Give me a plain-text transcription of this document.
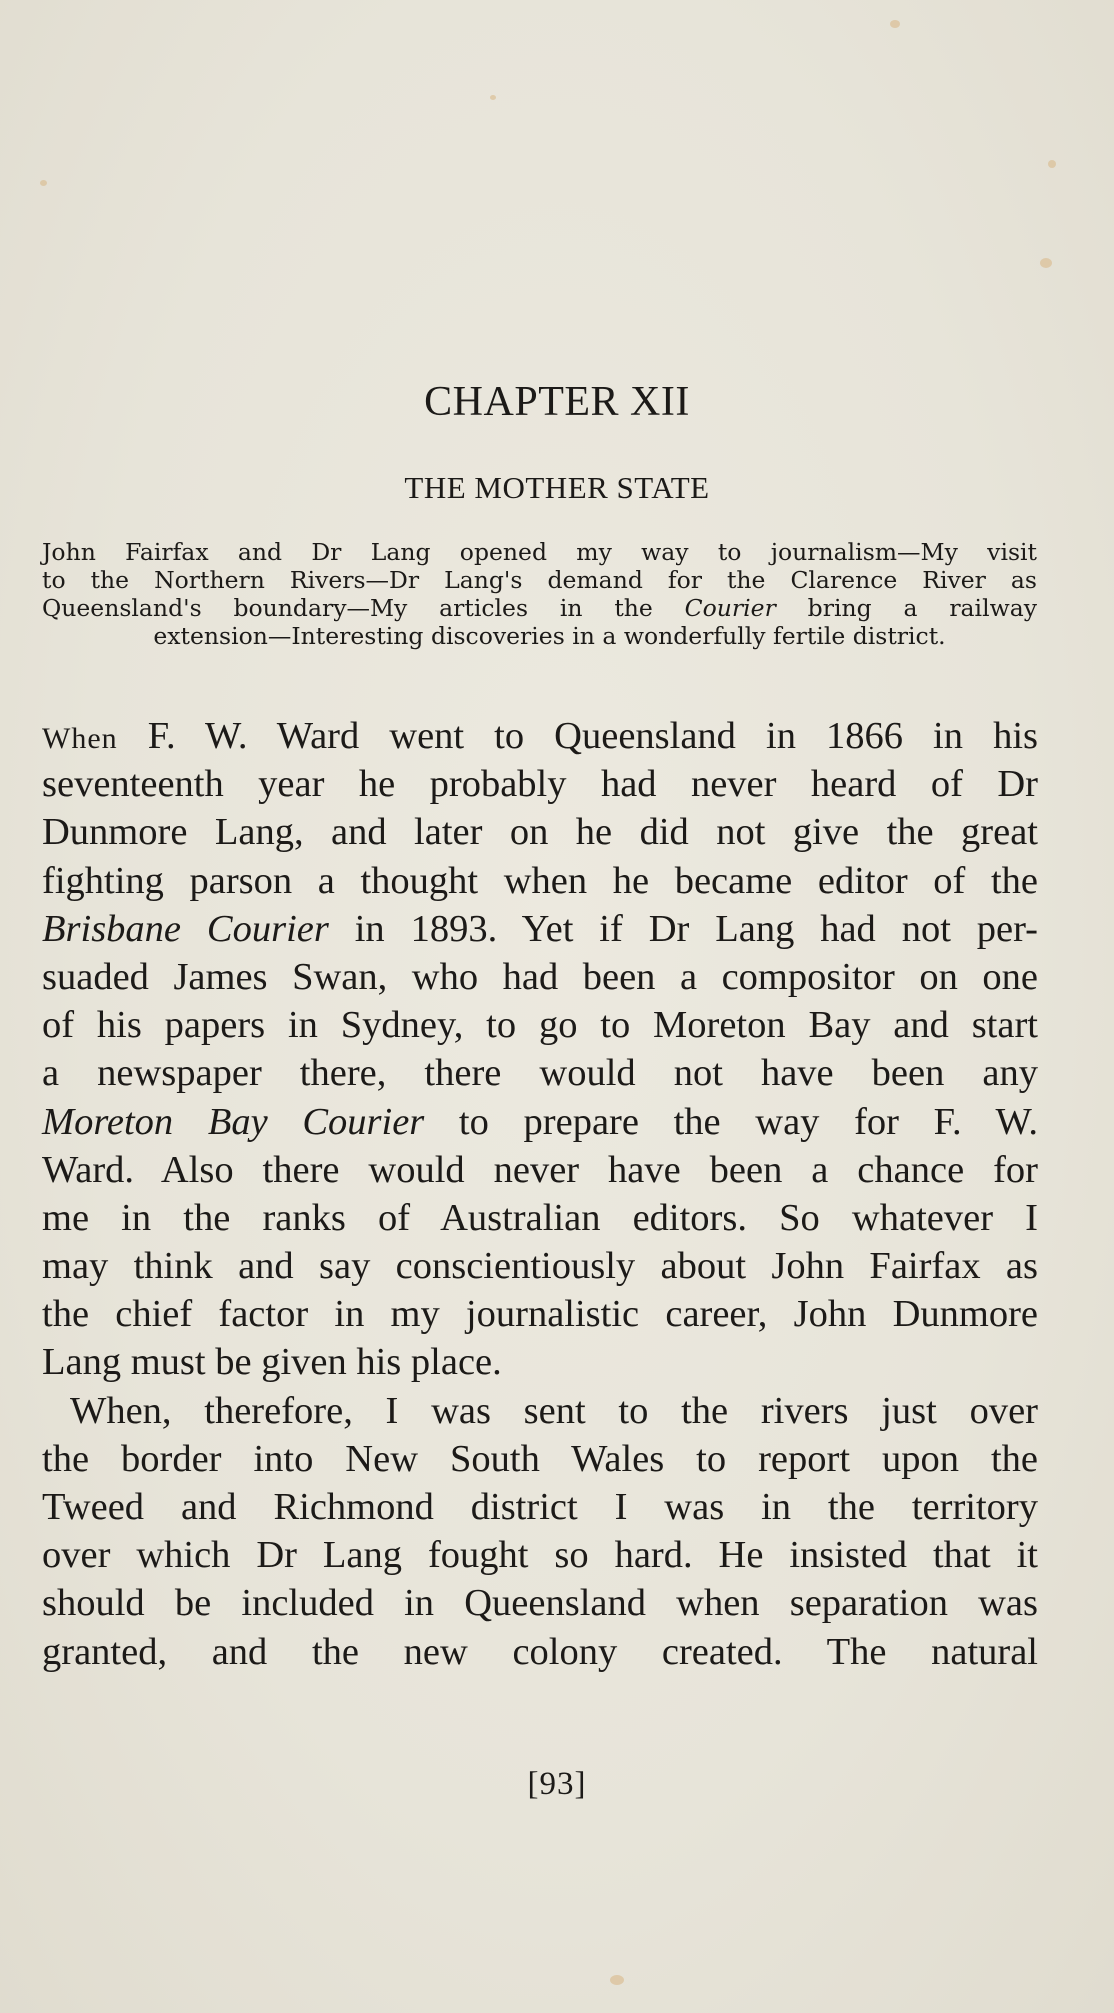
CHAPTER XII
THE MOTHER STATE
John Fairfax and Dr Lang opened my way to journalism—My visit
to the Northern Rivers—Dr Lang's demand for the Clarence River as
Queensland's boundary—My articles in the Courier bring a railway
extension—Interesting discoveries in a wonderfully fertile district.
When F. W. Ward went to Queensland in 1866 in his
seventeenth year he probably had never heard of Dr
Dunmore Lang, and later on he did not give the great
fighting parson a thought when he became editor of the
Brisbane Courier in 1893. Yet if Dr Lang had not per-
suaded James Swan, who had been a compositor on one
of his papers in Sydney, to go to Moreton Bay and start
a newspaper there, there would not have been any
Moreton Bay Courier to prepare the way for F. W.
Ward. Also there would never have been a chance for
me in the ranks of Australian editors. So whatever I
may think and say conscientiously about John Fairfax as
the chief factor in my journalistic career, John Dunmore
Lang must be given his place.
When, therefore, I was sent to the rivers just over
the border into New South Wales to report upon the
Tweed and Richmond district I was in the territory
over which Dr Lang fought so hard. He insisted that it
should be included in Queensland when separation was
granted, and the new colony created. The natural
[93]
